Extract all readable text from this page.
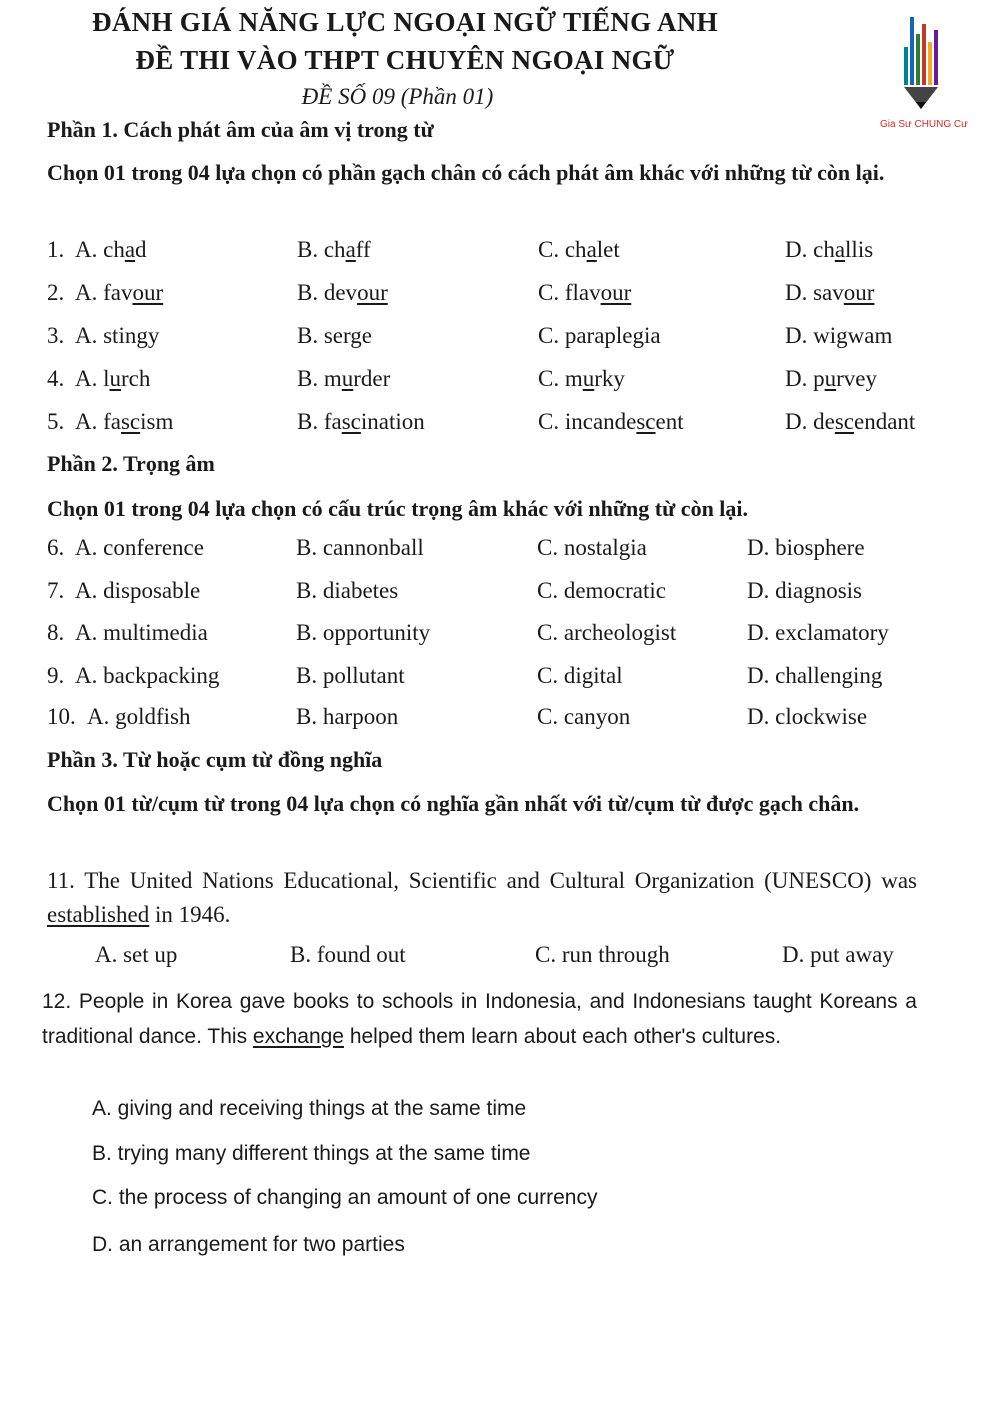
ĐÁNH GIÁ NĂNG LỰC NGOẠI NGỮ TIẾNG ANH
ĐỀ THI VÀO THPT CHUYÊN NGOẠI NGỮ
ĐỀ SỐ 09 (Phần 01)
Gia Sư CHUNG Cư
Phần 1. Cách phát âm của âm vị trong từ
Chọn 01 trong 04 lựa chọn có phần gạch chân có cách phát âm khác với những từ còn lại.
1. A. chad	B. chaff	C. chalet	D. challis
2. A. favour	B. devour	C. flavour	D. savour
3. A. stingy	B. serge	C. paraplegia	D. wigwam
4. A. lurch	B. murder	C. murky	D. purvey
5. A. fascism	B. fascination	C. incandescent	D. descendant
Phần 2. Trọng âm
Chọn 01 trong 04 lựa chọn có cấu trúc trọng âm khác với những từ còn lại.
6. A. conference	B. cannonball	C. nostalgia	D. biosphere
7. A. disposable	B. diabetes	C. democratic	D. diagnosis
8. A. multimedia	B. opportunity	C. archeologist	D. exclamatory
9. A. backpacking	B. pollutant	C. digital	D. challenging
10. A. goldfish	B. harpoon	C. canyon	D. clockwise
Phần 3. Từ hoặc cụm từ đồng nghĩa
Chọn 01 từ/cụm từ trong 04 lựa chọn có nghĩa gần nhất với từ/cụm từ được gạch chân.
11. The United Nations Educational, Scientific and Cultural Organization (UNESCO) was established in 1946.
A. set up	B. found out	C. run through	D. put away
12. People in Korea gave books to schools in Indonesia, and Indonesians taught Koreans a traditional dance. This exchange helped them learn about each other's cultures.
A. giving and receiving things at the same time
B. trying many different things at the same time
C. the process of changing an amount of one currency
D. an arrangement for two parties
